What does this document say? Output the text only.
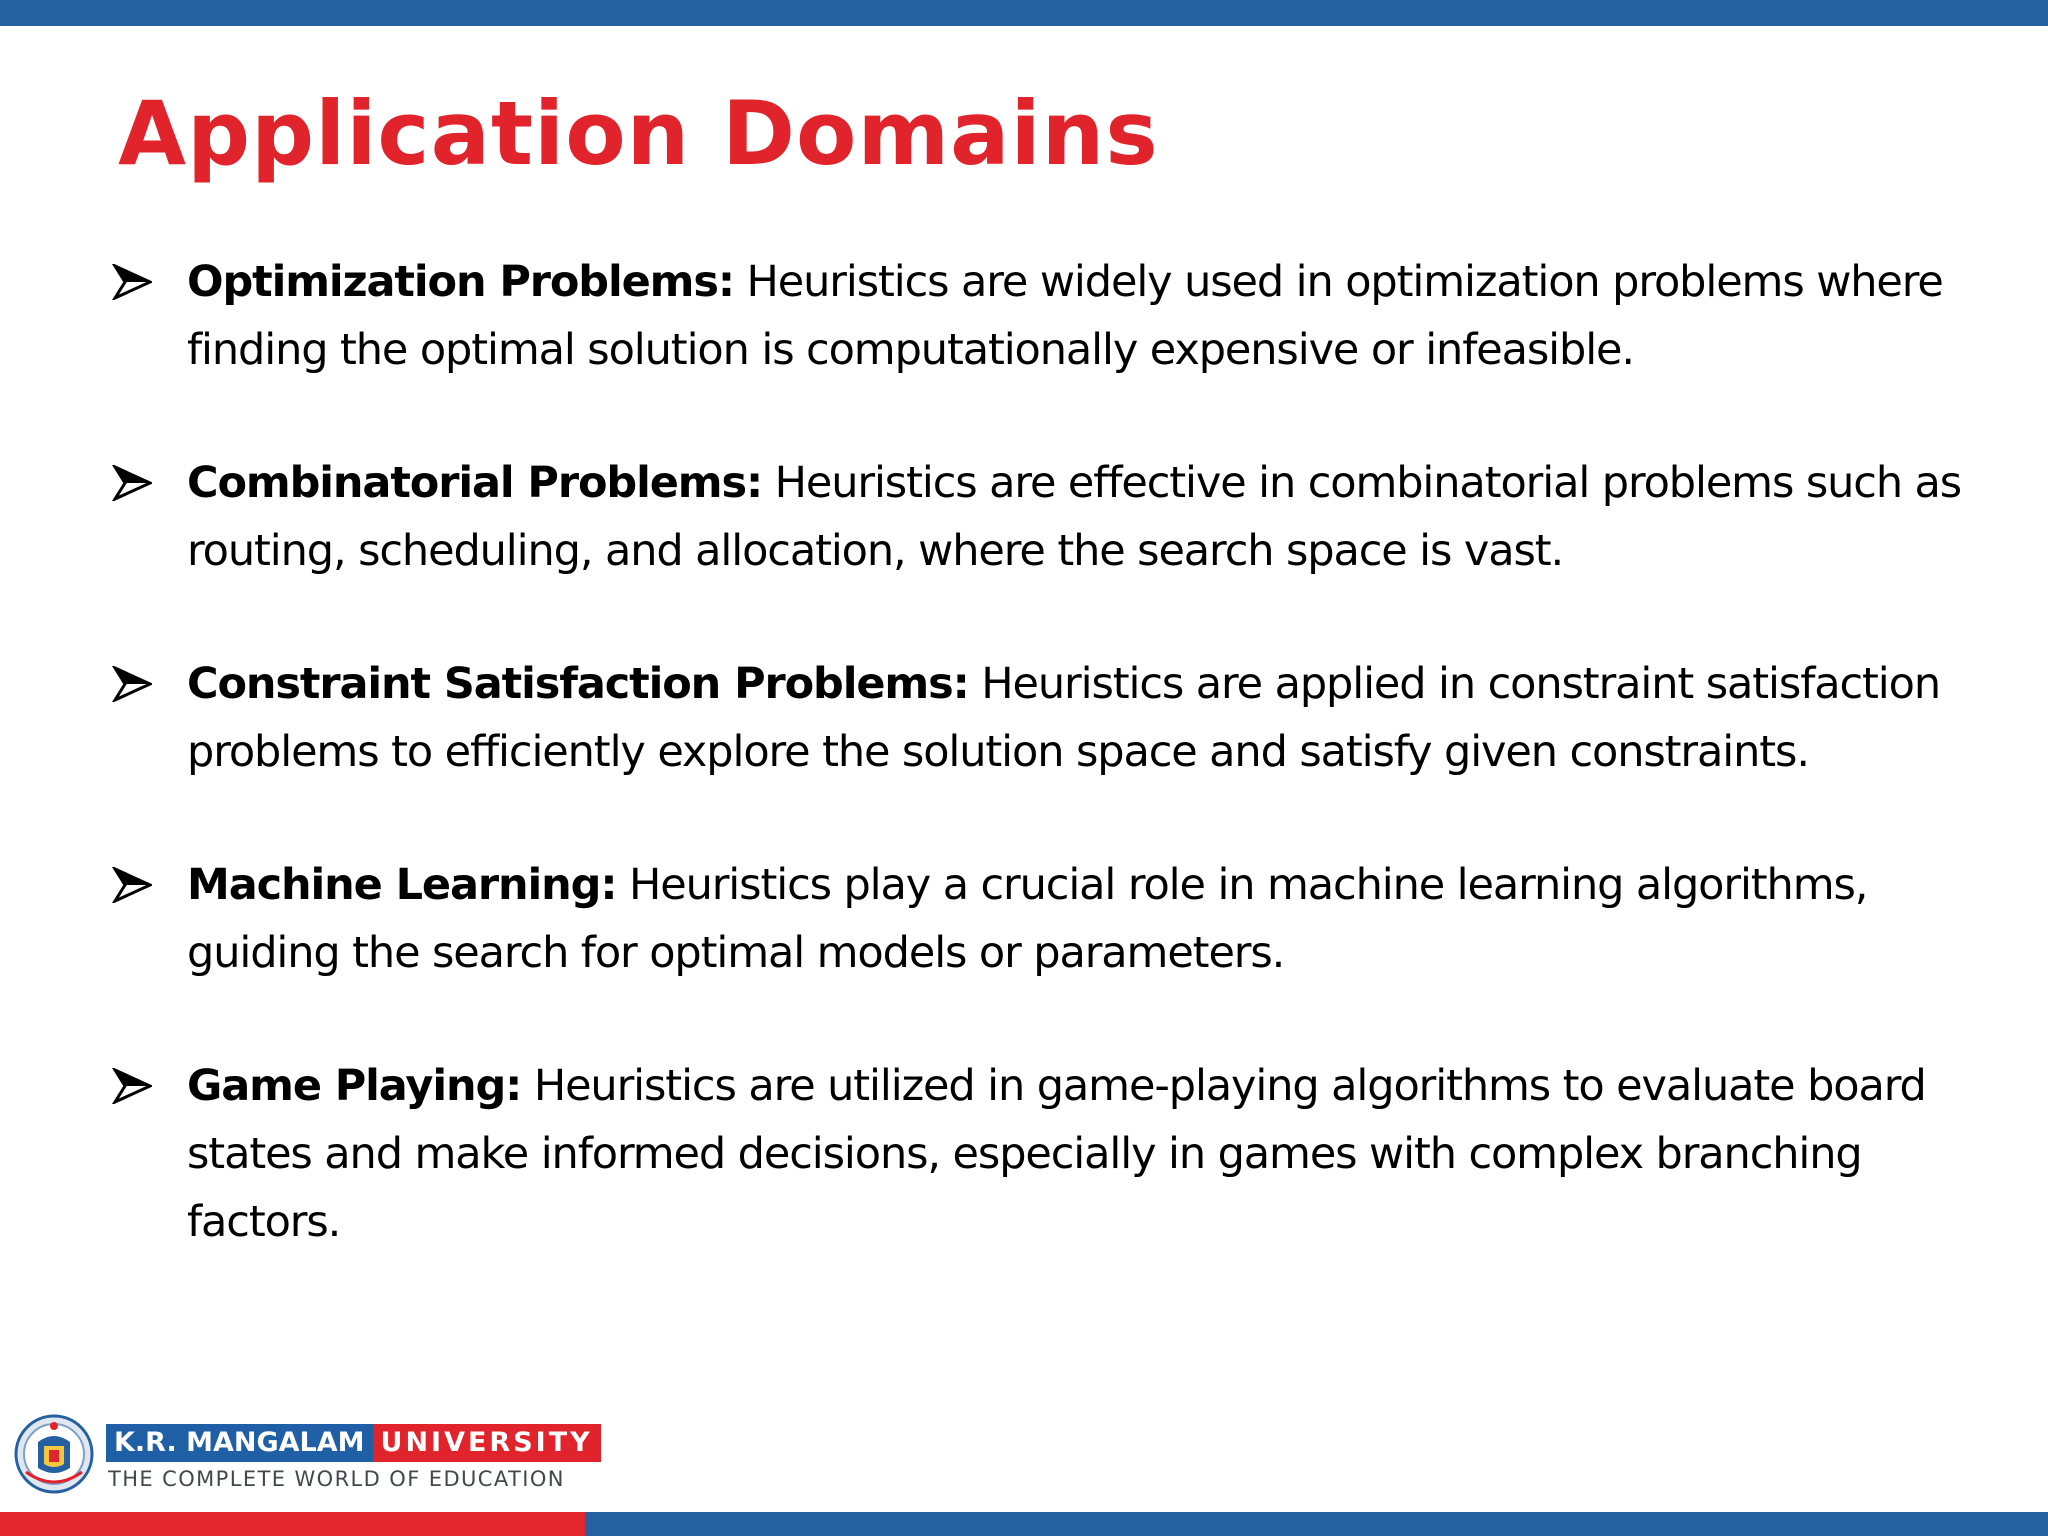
Application Domains
Optimization Problems: Heuristics are widely used in optimization problems where finding the optimal solution is computationally expensive or infeasible.
Combinatorial Problems: Heuristics are effective in combinatorial problems such as routing, scheduling, and allocation, where the search space is vast.
Constraint Satisfaction Problems: Heuristics are applied in constraint satisfaction problems to efficiently explore the solution space and satisfy given constraints.
Machine Learning: Heuristics play a crucial role in machine learning algorithms, guiding the search for optimal models or parameters.
Game Playing: Heuristics are utilized in game-playing algorithms to evaluate board states and make informed decisions, especially in games with complex branching factors.
K.R. MANGALAM UNIVERSITY
THE COMPLETE WORLD OF EDUCATION
